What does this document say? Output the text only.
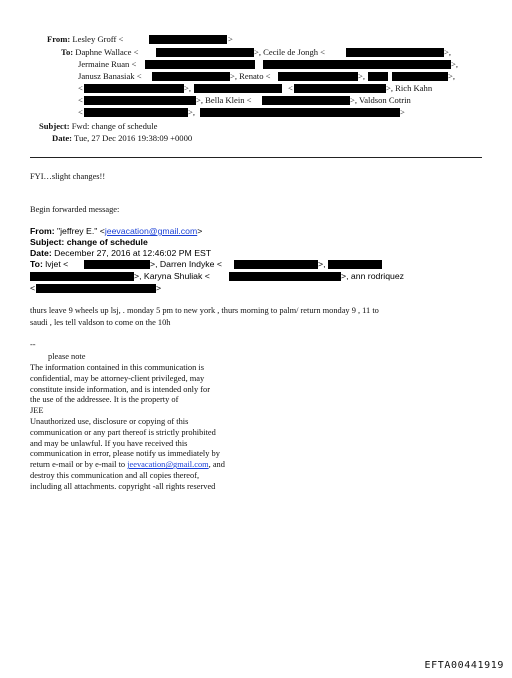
From: Lesley Groff <	>
To: Daphne Wallace <	>, Cecile de Jongh <	>,
Jermaine Ruan <	>,
Janusz Banasiak <	>, Renato <	>,	>,
<	>,	<	>, Rich Kahn
<	>, Bella Klein <	>, Valdson Cotrin
<	>,	>
Subject: Fwd: change of schedule
Date: Tue, 27 Dec 2016 19:38:09 +0000
FYI…slight changes!!
Begin forwarded message:
From: "jeffrey E." <jeevacation@gmail.com>
Subject: change of schedule
Date: December 27, 2016 at 12:46:02 PM EST
To: lvjet <	>, Darren Indyke <	>,
>, Karyna Shuliak <	>, ann rodriquez
<	>
thurs leave 9 wheels up lsj, . monday 5 pm to new york , thurs morning to palm/ return monday 9 , 11 to
saudi , les tell valdson to come on the 10h
--
please note
The information contained in this communication is
confidential, may be attorney-client privileged, may
constitute inside information, and is intended only for
the use of the addressee. It is the property of
JEE
Unauthorized use, disclosure or copying of this
communication or any part thereof is strictly prohibited
and may be unlawful. If you have received this
communication in error, please notify us immediately by
return e-mail or by e-mail to jeevacation@gmail.com, and
destroy this communication and all copies thereof,
including all attachments. copyright -all rights reserved
EFTA00441919
